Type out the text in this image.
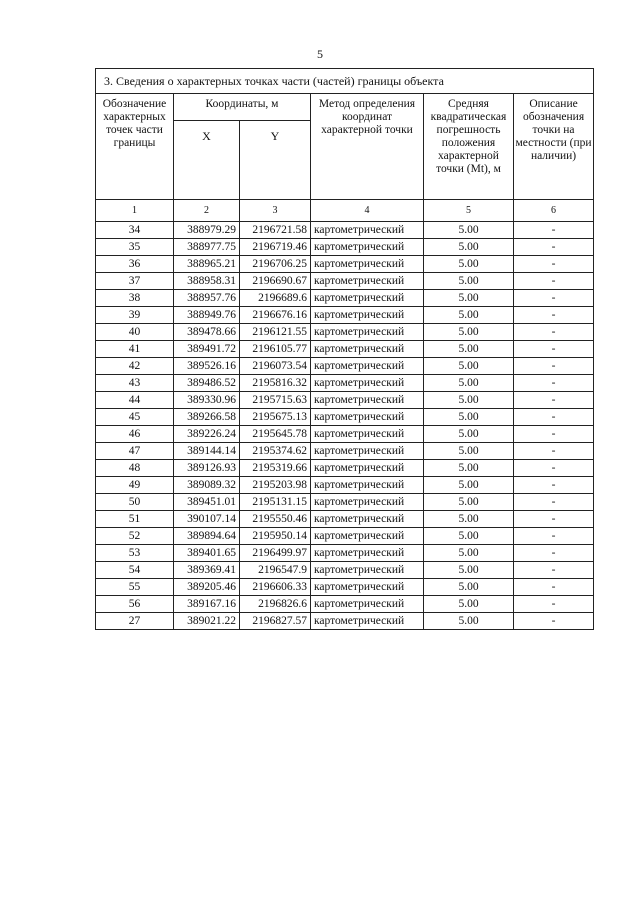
5
3. Сведения о характерных точках части (частей) границы объекта					
Обозначение характерных точек части границы	Координаты, м		Метод определения координат характерной точки	Средняя квадратическая погрешность положения характерной точки (Mt), м	Описание обозначения точки на местности (при наличии)
	X	Y			
1	2	3	4	5	6
34	388979.29	2196721.58	картометрический	5.00	-
35	388977.75	2196719.46	картометрический	5.00	-
36	388965.21	2196706.25	картометрический	5.00	-
37	388958.31	2196690.67	картометрический	5.00	-
38	388957.76	2196689.6	картометрический	5.00	-
39	388949.76	2196676.16	картометрический	5.00	-
40	389478.66	2196121.55	картометрический	5.00	-
41	389491.72	2196105.77	картометрический	5.00	-
42	389526.16	2196073.54	картометрический	5.00	-
43	389486.52	2195816.32	картометрический	5.00	-
44	389330.96	2195715.63	картометрический	5.00	-
45	389266.58	2195675.13	картометрический	5.00	-
46	389226.24	2195645.78	картометрический	5.00	-
47	389144.14	2195374.62	картометрический	5.00	-
48	389126.93	2195319.66	картометрический	5.00	-
49	389089.32	2195203.98	картометрический	5.00	-
50	389451.01	2195131.15	картометрический	5.00	-
51	390107.14	2195550.46	картометрический	5.00	-
52	389894.64	2195950.14	картометрический	5.00	-
53	389401.65	2196499.97	картометрический	5.00	-
54	389369.41	2196547.9	картометрический	5.00	-
55	389205.46	2196606.33	картометрический	5.00	-
56	389167.16	2196826.6	картометрический	5.00	-
27	389021.22	2196827.57	картометрический	5.00	-
